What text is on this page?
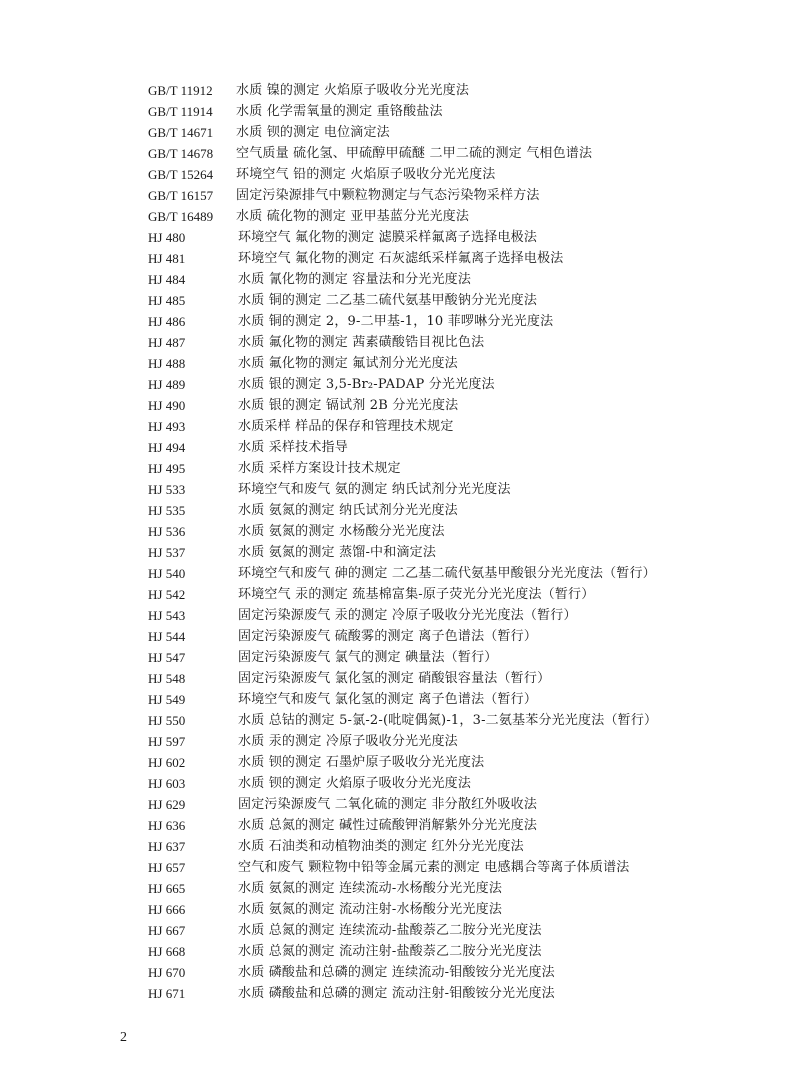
GB/T 11912	水质 镍的测定 火焰原子吸收分光光度法
GB/T 11914	水质 化学需氧量的测定 重铬酸盐法
GB/T 14671	水质 钡的测定 电位滴定法
GB/T 14678	空气质量 硫化氢、甲硫醇甲硫醚 二甲二硫的测定 气相色谱法
GB/T 15264	环境空气 铅的测定 火焰原子吸收分光光度法
GB/T 16157	固定污染源排气中颗粒物测定与气态污染物采样方法
GB/T 16489	水质 硫化物的测定 亚甲基蓝分光光度法
HJ 480	环境空气 氟化物的测定 滤膜采样氟离子选择电极法
HJ 481	环境空气 氟化物的测定 石灰滤纸采样氟离子选择电极法
HJ 484	水质 氰化物的测定 容量法和分光光度法
HJ 485	水质 铜的测定 二乙基二硫代氨基甲酸钠分光光度法
HJ 486	水质 铜的测定 2，9-二甲基-1，10 菲啰啉分光光度法
HJ 487	水质 氟化物的测定 茜素磺酸锆目视比色法
HJ 488	水质 氟化物的测定 氟试剂分光光度法
HJ 489	水质 银的测定 3,5-Br₂-PADAP 分光光度法
HJ 490	水质 银的测定 镉试剂 2B 分光光度法
HJ 493	水质采样 样品的保存和管理技术规定
HJ 494	水质 采样技术指导
HJ 495	水质 采样方案设计技术规定
HJ 533	环境空气和废气 氨的测定 纳氏试剂分光光度法
HJ 535	水质 氨氮的测定 纳氏试剂分光光度法
HJ 536	水质 氨氮的测定 水杨酸分光光度法
HJ 537	水质 氨氮的测定 蒸馏-中和滴定法
HJ 540	环境空气和废气 砷的测定 二乙基二硫代氨基甲酸银分光光度法（暂行）
HJ 542	环境空气 汞的测定 巯基棉富集-原子荧光分光光度法（暂行）
HJ 543	固定污染源废气 汞的测定 冷原子吸收分光光度法（暂行）
HJ 544	固定污染源废气 硫酸雾的测定 离子色谱法（暂行）
HJ 547	固定污染源废气 氯气的测定 碘量法（暂行）
HJ 548	固定污染源废气 氯化氢的测定 硝酸银容量法（暂行）
HJ 549	环境空气和废气 氯化氢的测定 离子色谱法（暂行）
HJ 550	水质 总钴的测定 5-氯-2-(吡啶偶氮)-1，3-二氨基苯分光光度法（暂行）
HJ 597	水质 汞的测定 冷原子吸收分光光度法
HJ 602	水质 钡的测定 石墨炉原子吸收分光光度法
HJ 603	水质 钡的测定 火焰原子吸收分光光度法
HJ 629	固定污染源废气 二氧化硫的测定 非分散红外吸收法
HJ 636	水质 总氮的测定 碱性过硫酸钾消解紫外分光光度法
HJ 637	水质 石油类和动植物油类的测定 红外分光光度法
HJ 657	空气和废气 颗粒物中铅等金属元素的测定 电感耦合等离子体质谱法
HJ 665	水质 氨氮的测定 连续流动-水杨酸分光光度法
HJ 666	水质 氨氮的测定 流动注射-水杨酸分光光度法
HJ 667	水质 总氮的测定 连续流动-盐酸萘乙二胺分光光度法
HJ 668	水质 总氮的测定 流动注射-盐酸萘乙二胺分光光度法
HJ 670	水质 磷酸盐和总磷的测定 连续流动-钼酸铵分光光度法
HJ 671	水质 磷酸盐和总磷的测定 流动注射-钼酸铵分光光度法
2
